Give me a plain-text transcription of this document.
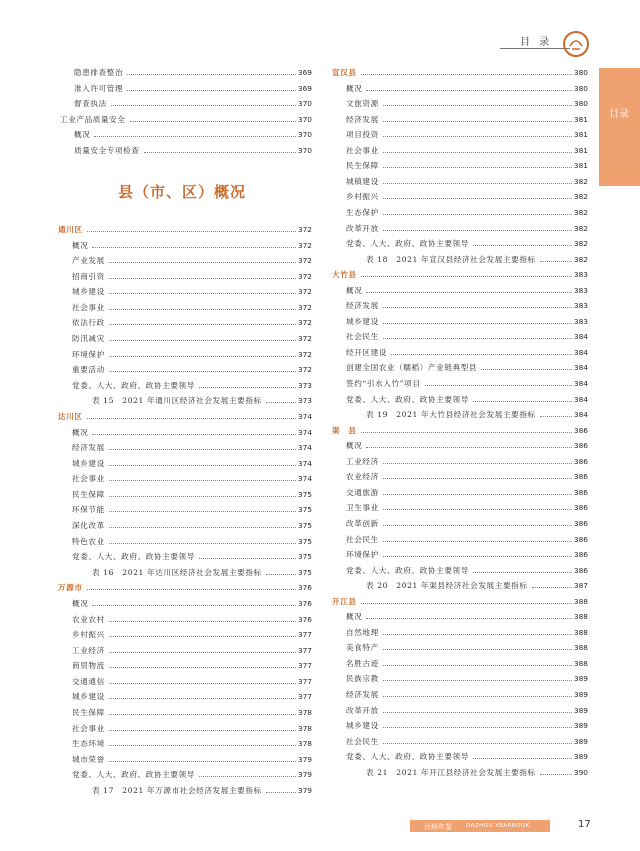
目 录
目录
县（市、区）概况
隐患排查整治	369
准入许可管理	369
督查执法	370
工业产品质量安全	370
概况	370
质量安全专项检查	370
通川区	372
概况	372
产业发展	372
招商引资	372
城乡建设	372
社会事业	372
依法行政	372
防汛减灾	372
环境保护	372
重要活动	372
党委、人大、政府、政协主要领导	373
表 15　2021 年通川区经济社会发展主要指标	373
达川区	374
概况	374
经济发展	374
城乡建设	374
社会事业	374
民生保障	375
环保节能	375
深化改革	375
特色农业	375
党委、人大、政府、政协主要领导	375
表 16　2021 年达川区经济社会发展主要指标	375
万源市	376
概况	376
农业农村	376
乡村振兴	377
工业经济	377
商贸物流	377
交通通信	377
城乡建设	377
民生保障	378
社会事业	378
生态环境	378
城市荣誉	379
党委、人大、政府、政协主要领导	379
表 17　2021 年万源市社会经济发展主要指标	379
宣汉县	380
概况	380
文旅资源	380
经济发展	381
项目投资	381
社会事业	381
民生保障	381
城镇建设	382
乡村振兴	382
生态保护	382
改革开放	382
党委、人大、政府、政协主要领导	382
表 18　2021 年宣汉县经济社会发展主要指标	382
大竹县	383
概况	383
经济发展	383
城乡建设	383
社会民生	384
经开区建设	384
创建全国农业（糯稻）产业链典型县	384
签约“引水入竹”项目	384
党委、人大、政府、政协主要领导	384
表 19　2021 年大竹县经济社会发展主要指标	384
渠　县	386
概况	386
工业经济	386
农业经济	386
交通旅游	386
卫生事业	386
改革创新	386
社会民生	386
环境保护	386
党委、人大、政府、政协主要领导	386
表 20　2021 年渠县经济社会发展主要指标	387
开江县	388
概况	388
自然地理	388
美食特产	388
名胜古迹	388
民族宗教	389
经济发展	389
改革开放	389
城乡建设	389
社会民生	389
党委、人大、政府、政协主要领导	389
表 21　2021 年开江县经济社会发展主要指标	390
达州年鉴	DAZHOU YEARBOOK	17
